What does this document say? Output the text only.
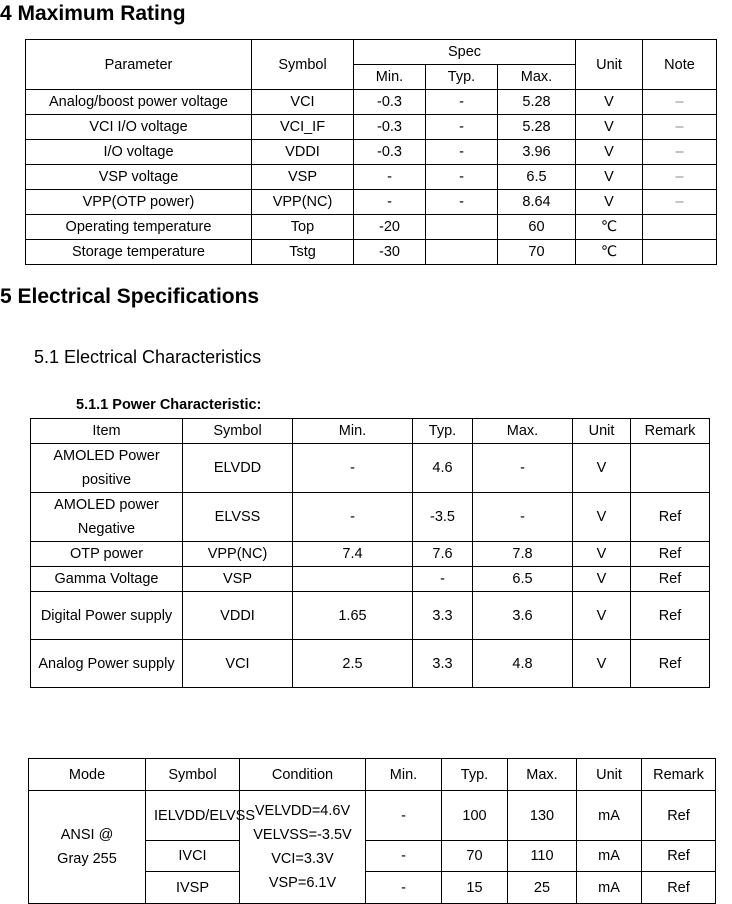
4 Maximum Rating
Parameter	Symbol	Spec			Unit	Note
		Min.	Typ.	Max.		
Analog/boost power voltage	VCI	-0.3	-	5.28	V	–
VCI I/O voltage	VCI_IF	-0.3	-	5.28	V	–
I/O voltage	VDDI	-0.3	-	3.96	V	–
VSP voltage	VSP	-	-	6.5	V	–
VPP(OTP power)	VPP(NC)	-	-	8.64	V	–
Operating temperature	Top	-20		60	℃	
Storage temperature	Tstg	-30		70	℃	
5 Electrical Specifications
5.1 Electrical Characteristics
5.1.1 Power Characteristic:
Item	Symbol	Min.	Typ.	Max.	Unit	Remark
AMOLED Power positive	ELVDD	-	4.6	-	V	
AMOLED power Negative	ELVSS	-	-3.5	-	V	Ref
OTP power	VPP(NC)	7.4	7.6	7.8	V	Ref
Gamma Voltage	VSP		-	6.5	V	Ref
Digital Power supply	VDDI	1.65	3.3	3.6	V	Ref
Analog Power supply	VCI	2.5	3.3	4.8	V	Ref
Mode	Symbol	Condition	Min.	Typ.	Max.	Unit	Remark
ANSI @ Gray 255	IELVDD/ELVSS	VELVDD=4.6V VELVSS=-3.5V VCI=3.3V VSP=6.1V	-	100	130	mA	Ref
	IVCI		-	70	110	mA	Ref
	IVSP		-	15	25	mA	Ref
